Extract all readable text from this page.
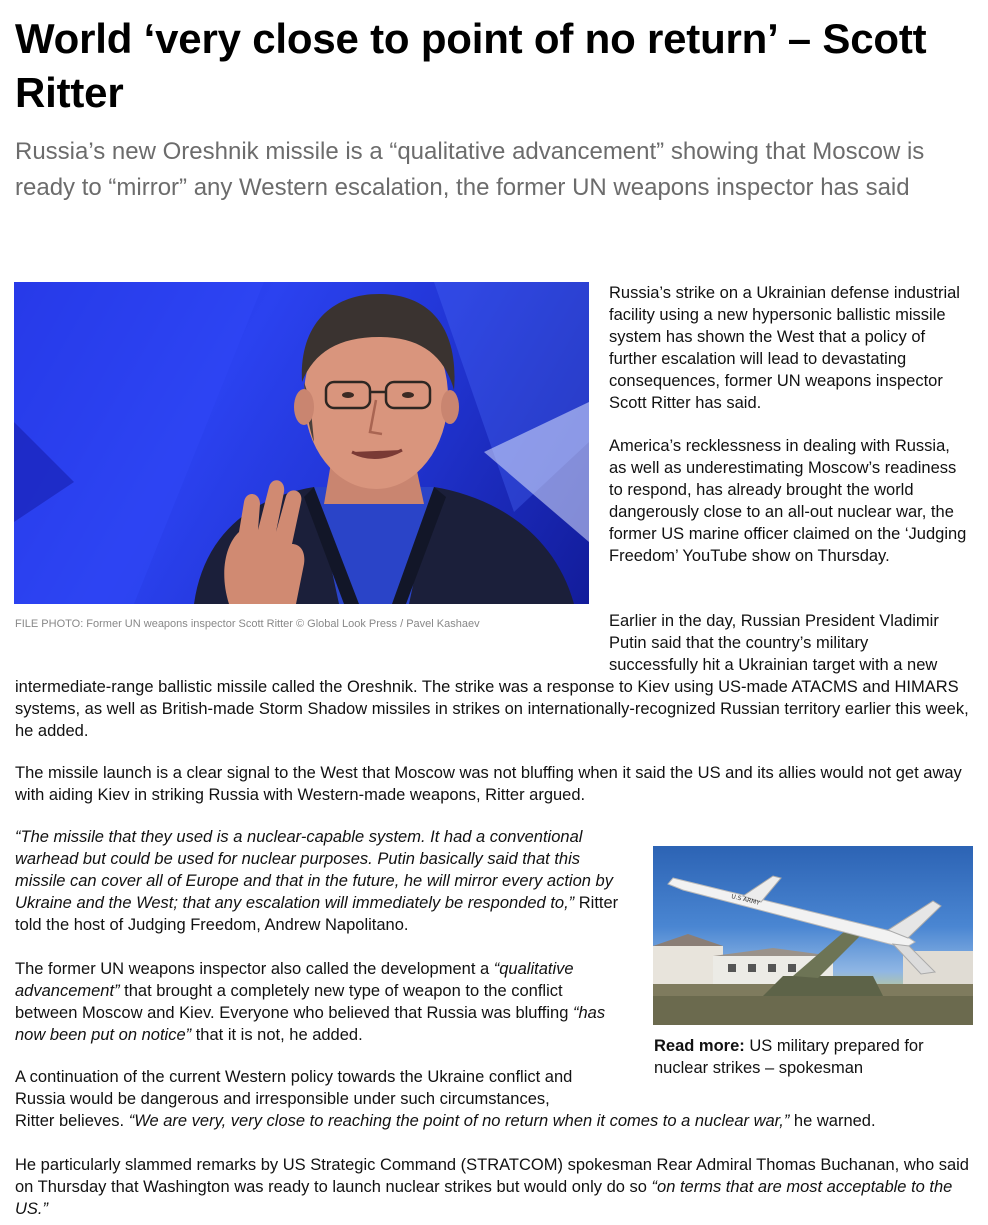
World ‘very close to point of no return’ – Scott Ritter

Russia’s new Oreshnik missile is a “qualitative advancement” showing that Moscow is ready to “mirror” any Western escalation, the former UN weapons inspector has said

FILE PHOTO: Former UN weapons inspector Scott Ritter © Global Look Press / Pavel Kashaev

Russia’s strike on a Ukrainian defense industrial facility using a new hypersonic ballistic missile system has shown the West that a policy of further escalation will lead to devastating consequences, former UN weapons inspector Scott Ritter has said.

America’s recklessness in dealing with Russia, as well as underestimating Moscow’s readiness to respond, has already brought the world dangerously close to an all-out nuclear war, the former US marine officer claimed on the ‘Judging Freedom’ YouTube show on Thursday.

Earlier in the day, Russian President Vladimir
Putin said that the country’s military
successfully hit a Ukrainian target with a new
intermediate-range ballistic missile called the Oreshnik. The strike was a response to Kiev using US-made ATACMS and HIMARS systems, as well as British-made Storm Shadow missiles in strikes on internationally-recognized Russian territory earlier this week, he added.

The missile launch is a clear signal to the West that Moscow was not bluffing when it said the US and its allies would not get away with aiding Kiev in striking Russia with Western-made weapons, Ritter argued.

“The missile that they used is a nuclear-capable system. It had a conventional warhead but could be used for nuclear purposes. Putin basically said that this missile can cover all of Europe and that in the future, he will mirror every action by Ukraine and the West; that any escalation will immediately be responded to,” Ritter told the host of Judging Freedom, Andrew Napolitano.

The former UN weapons inspector also called the development a “qualitative advancement” that brought a completely new type of weapon to the conflict between Moscow and Kiev. Everyone who believed that Russia was bluffing “has now been put on notice” that it is not, he added.

A continuation of the current Western policy towards the Ukraine conflict and
Russia would be dangerous and irresponsible under such circumstances,
Ritter believes. “We are very, very close to reaching the point of no return when it comes to a nuclear war,” he warned.

He particularly slammed remarks by US Strategic Command (STRATCOM) spokesman Rear Admiral Thomas Buchanan, who said on Thursday that Washington was ready to launch nuclear strikes but would only do so “on terms that are most acceptable to the US.”

U.S ARMY
Read more: US military prepared for nuclear strikes – spokesman
